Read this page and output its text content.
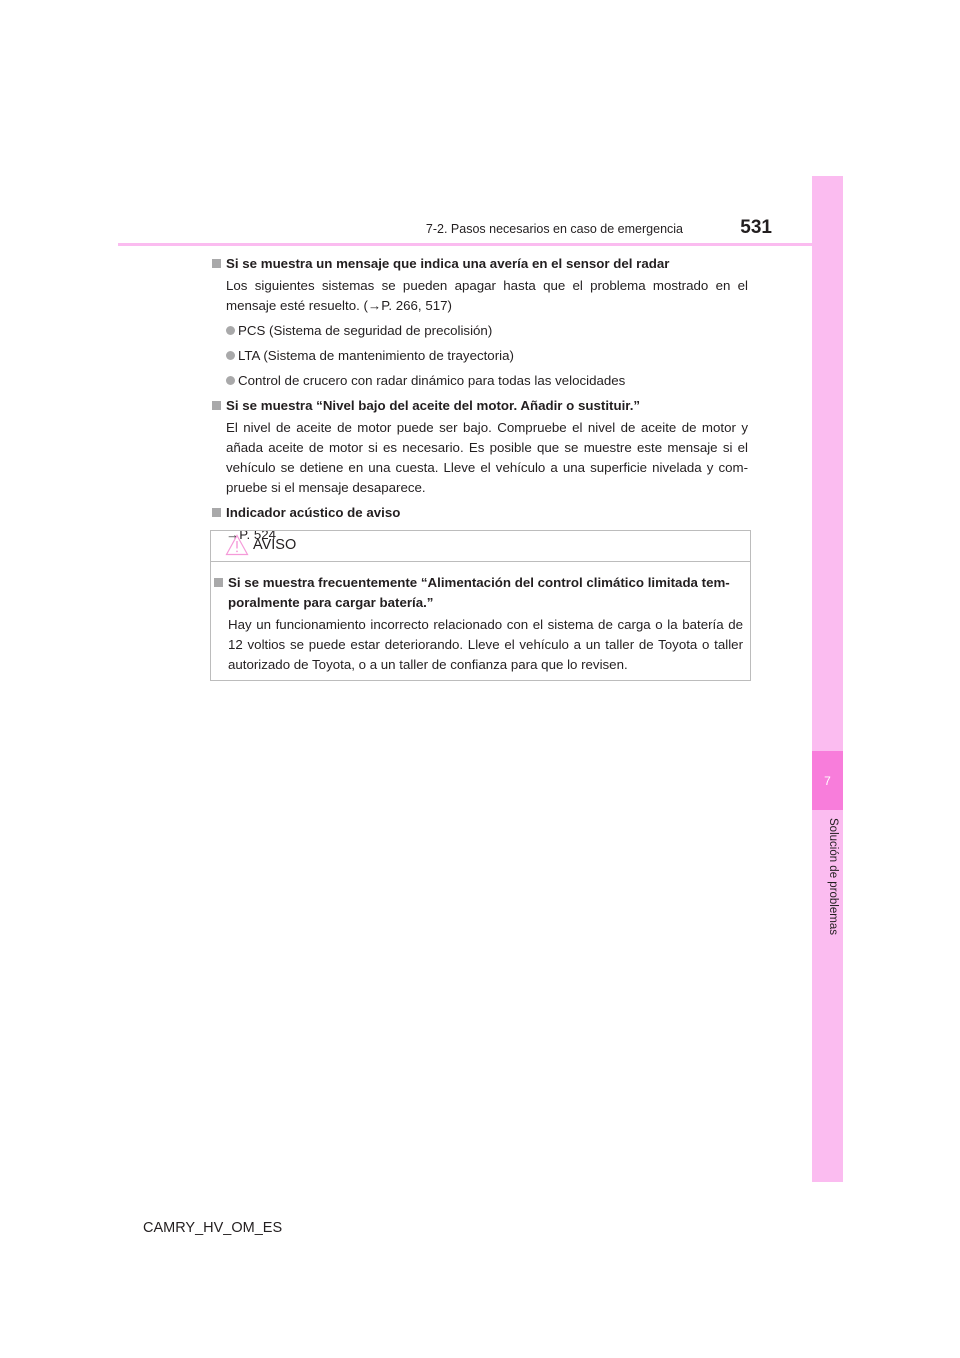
7
Solución de problemas
7-2. Pasos necesarios en caso de emergencia	531
Si se muestra un mensaje que indica una avería en el sensor del radar
Los siguientes sistemas se pueden apagar hasta que el problema mostrado en el mensaje esté resuelto. (→P. 266, 517)
PCS (Sistema de seguridad de precolisión)
LTA (Sistema de mantenimiento de trayectoria)
Control de crucero con radar dinámico para todas las velocidades
Si se muestra “Nivel bajo del aceite del motor. Añadir o sustituir.”
El nivel de aceite de motor puede ser bajo. Compruebe el nivel de aceite de motor y añada aceite de motor si es necesario. Es posible que se muestre este mensaje si el vehículo se detiene en una cuesta. Lleve el vehículo a una superficie nivelada y com-pruebe si el mensaje desaparece.
Indicador acústico de aviso
→P. 524
AVISO
Si se muestra frecuentemente “Alimentación del control climático limitada tem-poralmente para cargar batería.”
Hay un funcionamiento incorrecto relacionado con el sistema de carga o la batería de 12 voltios se puede estar deteriorando. Lleve el vehículo a un taller de Toyota o taller autorizado de Toyota, o a un taller de confianza para que lo revisen.
CAMRY_HV_OM_ES
